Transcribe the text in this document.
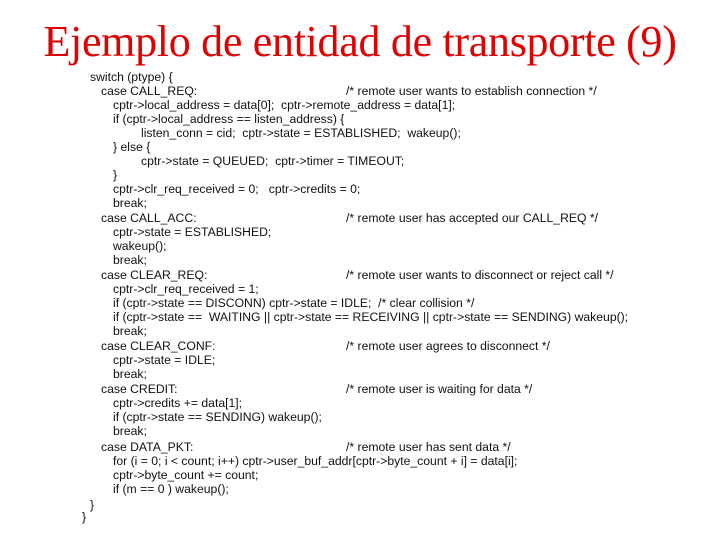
Ejemplo de entidad de transporte (9)
switch (ptype) {
case CALL_REQ:	/* remote user wants to establish connection */
cptr->local_address = data[0];  cptr->remote_address = data[1];
if (cptr->local_address == listen_address) {
listen_conn = cid;  cptr->state = ESTABLISHED;  wakeup();
} else {
cptr->state = QUEUED;  cptr->timer = TIMEOUT;
}
cptr->clr_req_received = 0;   cptr->credits = 0;
break;
case CALL_ACC:	/* remote user has accepted our CALL_REQ */
cptr->state = ESTABLISHED;
wakeup();
break;
case CLEAR_REQ:	/* remote user wants to disconnect or reject call */
cptr->clr_req_received = 1;
if (cptr->state == DISCONN) cptr->state = IDLE;  /* clear collision */
if (cptr->state ==  WAITING || cptr->state == RECEIVING || cptr->state == SENDING) wakeup();
break;
case CLEAR_CONF:	/* remote user agrees to disconnect */
cptr->state = IDLE;
break;
case CREDIT:	/* remote user is waiting for data */
cptr->credits += data[1];
if (cptr->state == SENDING) wakeup();
break;
case DATA_PKT:	/* remote user has sent data */
for (i = 0; i < count; i++) cptr->user_buf_addr[cptr->byte_count + i] = data[i];
cptr->byte_count += count;
if (m == 0 ) wakeup();
}
}
